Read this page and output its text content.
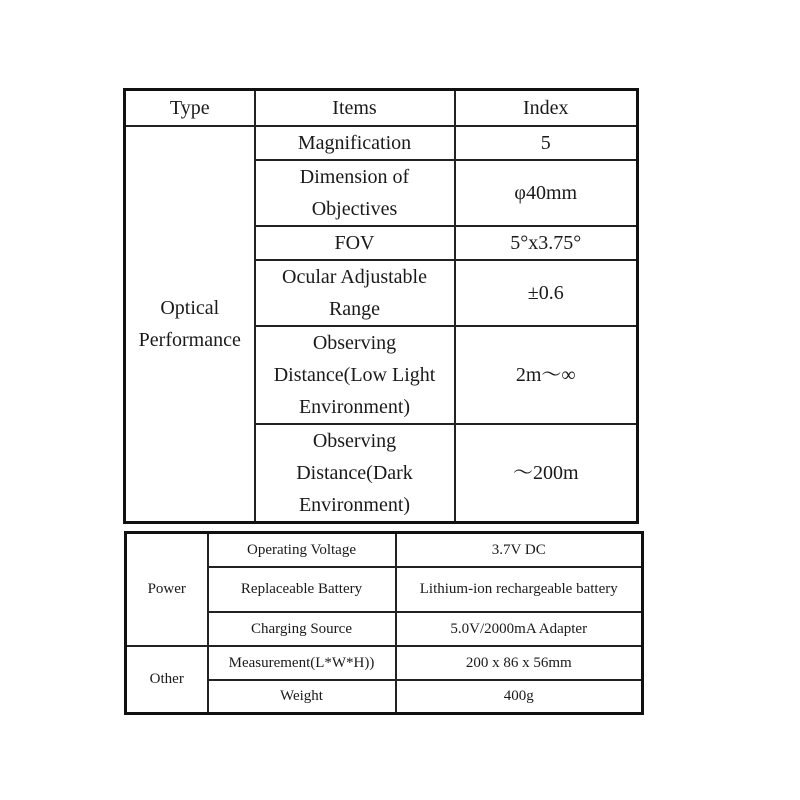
Type	Items	Index
Optical Performance	Magnification	5
	Dimension of Objectives	φ40mm
	FOV	5°x3.75°
	Ocular Adjustable Range	±0.6
	Observing Distance(Low Light Environment)	2m～∞
	Observing Distance(Dark Environment)	～200m
Power	Operating Voltage	3.7V DC
	Replaceable Battery	Lithium-ion rechargeable battery
	Charging Source	5.0V/2000mA Adapter
Other	Measurement(L*W*H))	200 x 86 x 56mm
	Weight	400g
